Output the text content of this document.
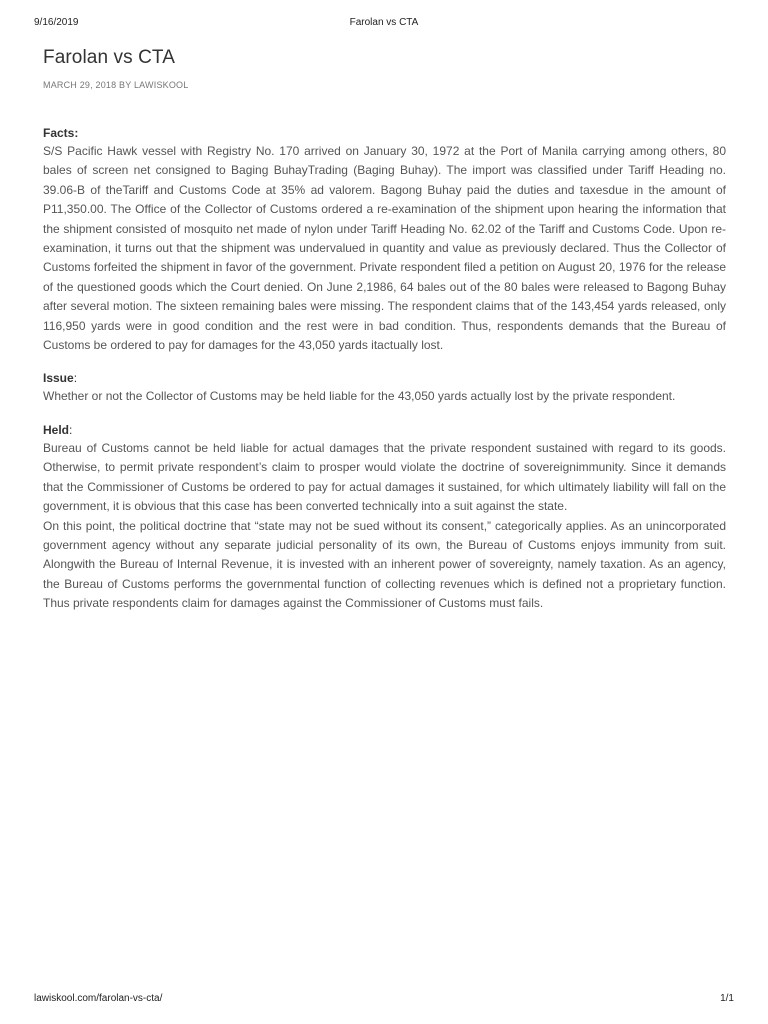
9/16/2019	Farolan vs CTA
Farolan vs CTA
MARCH 29, 2018 BY LAWISKOOL
Facts:

S/S Pacific Hawk vessel with Registry No. 170 arrived on January 30, 1972 at the Port of Manila carrying among others, 80 bales of screen net consigned to Baging BuhayTrading (Baging Buhay). The import was classified under Tariff Heading no. 39.06-B of theTariff and Customs Code at 35% ad valorem. Bagong Buhay paid the duties and taxesdue in the amount of P11,350.00. The Office of the Collector of Customs ordered a re-examination of the shipment upon hearing the information that the shipment consisted of mosquito net made of nylon under Tariff Heading No. 62.02 of the Tariff and Customs Code. Upon re-examination, it turns out that the shipment was undervalued in quantity and value as previously declared. Thus the Collector of Customs forfeited the shipment in favor of the government. Private respondent filed a petition on August 20, 1976 for the release of the questioned goods which the Court denied. On June 2,1986, 64 bales out of the 80 bales were released to Bagong Buhay after several motion. The sixteen remaining bales were missing. The respondent claims that of the 143,454 yards released, only 116,950 yards were in good condition and the rest were in bad condition. Thus, respondents demands that the Bureau of Customs be ordered to pay for damages for the 43,050 yards itactually lost.

Issue:

Whether or not the Collector of Customs may be held liable for the 43,050 yards actually lost by the private respondent.

Held:

Bureau of Customs cannot be held liable for actual damages that the private respondent sustained with regard to its goods. Otherwise, to permit private respondent’s claim to prosper would violate the doctrine of sovereignimmunity. Since it demands that the Commissioner of Customs be ordered to pay for actual damages it sustained, for which ultimately liability will fall on the government, it is obvious that this case has been converted technically into a suit against the state.

On this point, the political doctrine that “state may not be sued without its consent,” categorically applies. As an unincorporated government agency without any separate judicial personality of its own, the Bureau of Customs enjoys immunity from suit. Alongwith the Bureau of Internal Revenue, it is invested with an inherent power of sovereignty, namely taxation. As an agency, the Bureau of Customs performs the governmental function of collecting revenues which is defined not a proprietary function. Thus private respondents claim for damages against the Commissioner of Customs must fails.

lawiskool.com/farolan-vs-cta/	1/1
